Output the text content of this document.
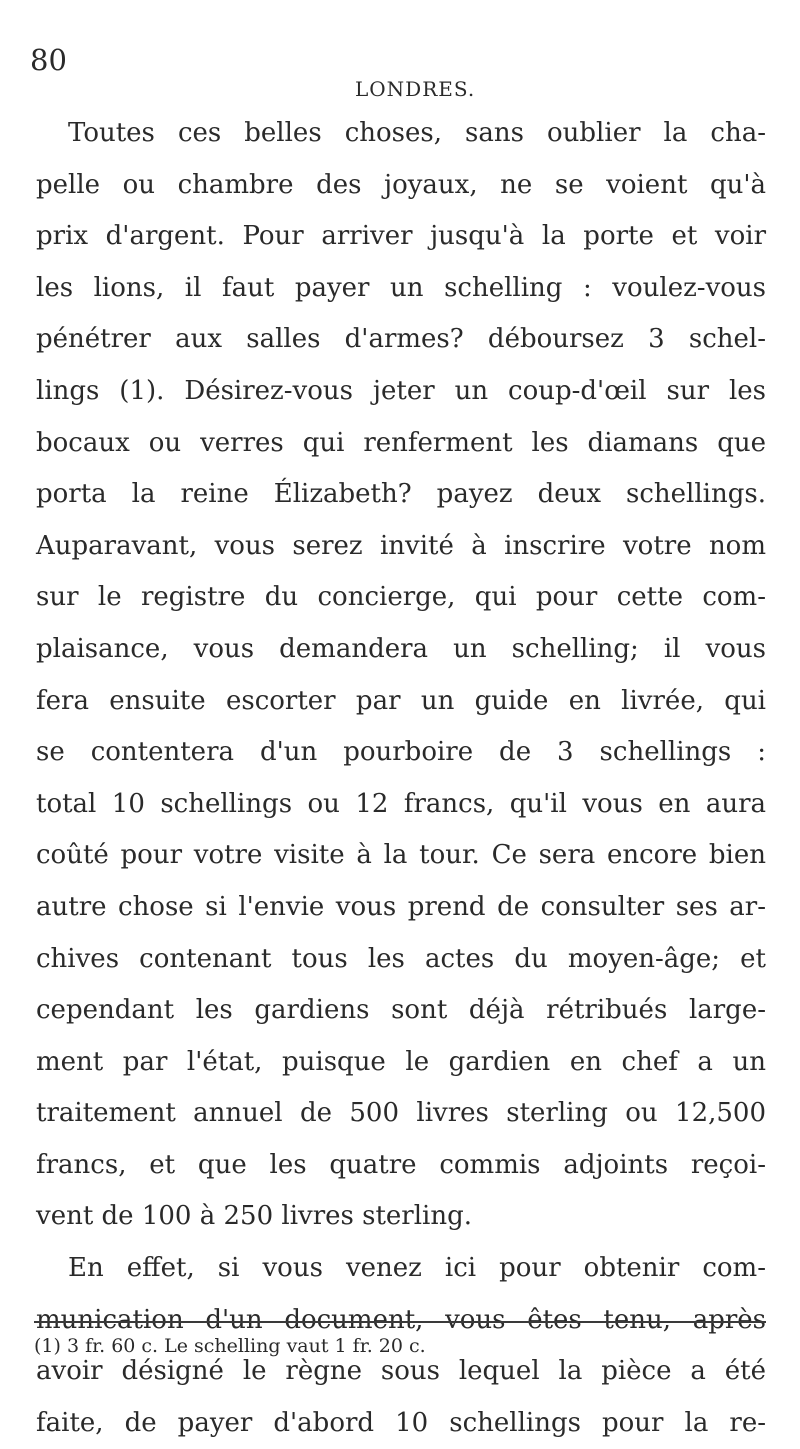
80
LONDRES.
Toutes ces belles choses, sans oublier la cha-
pelle ou chambre des joyaux, ne se voient qu'à
prix d'argent. Pour arriver jusqu'à la porte et voir
les lions, il faut payer un schelling : voulez-vous
pénétrer aux salles d'armes? déboursez 3 schel-
lings (1). Désirez-vous jeter un coup-d'œil sur les
bocaux ou verres qui renferment les diamans que
porta la reine Élizabeth? payez deux schellings.
Auparavant, vous serez invité à inscrire votre nom
sur le registre du concierge, qui pour cette com-
plaisance, vous demandera un schelling; il vous
fera ensuite escorter par un guide en livrée, qui
se contentera d'un pourboire de 3 schellings :
total 10 schellings ou 12 francs, qu'il vous en aura
coûté pour votre visite à la tour. Ce sera encore bien
autre chose si l'envie vous prend de consulter ses ar-
chives contenant tous les actes du moyen-âge; et
cependant les gardiens sont déjà rétribués large-
ment par l'état, puisque le gardien en chef a un
traitement annuel de 500 livres sterling ou 12,500
francs, et que les quatre commis adjoints reçoi-
vent de 100 à 250 livres sterling.
En effet, si vous venez ici pour obtenir com-
munication d'un document, vous êtes tenu, après
avoir désigné le règne sous lequel la pièce a été
faite, de payer d'abord 10 schellings pour la re-
(1) 3 fr. 60 c. Le schelling vaut 1 fr. 20 c.
